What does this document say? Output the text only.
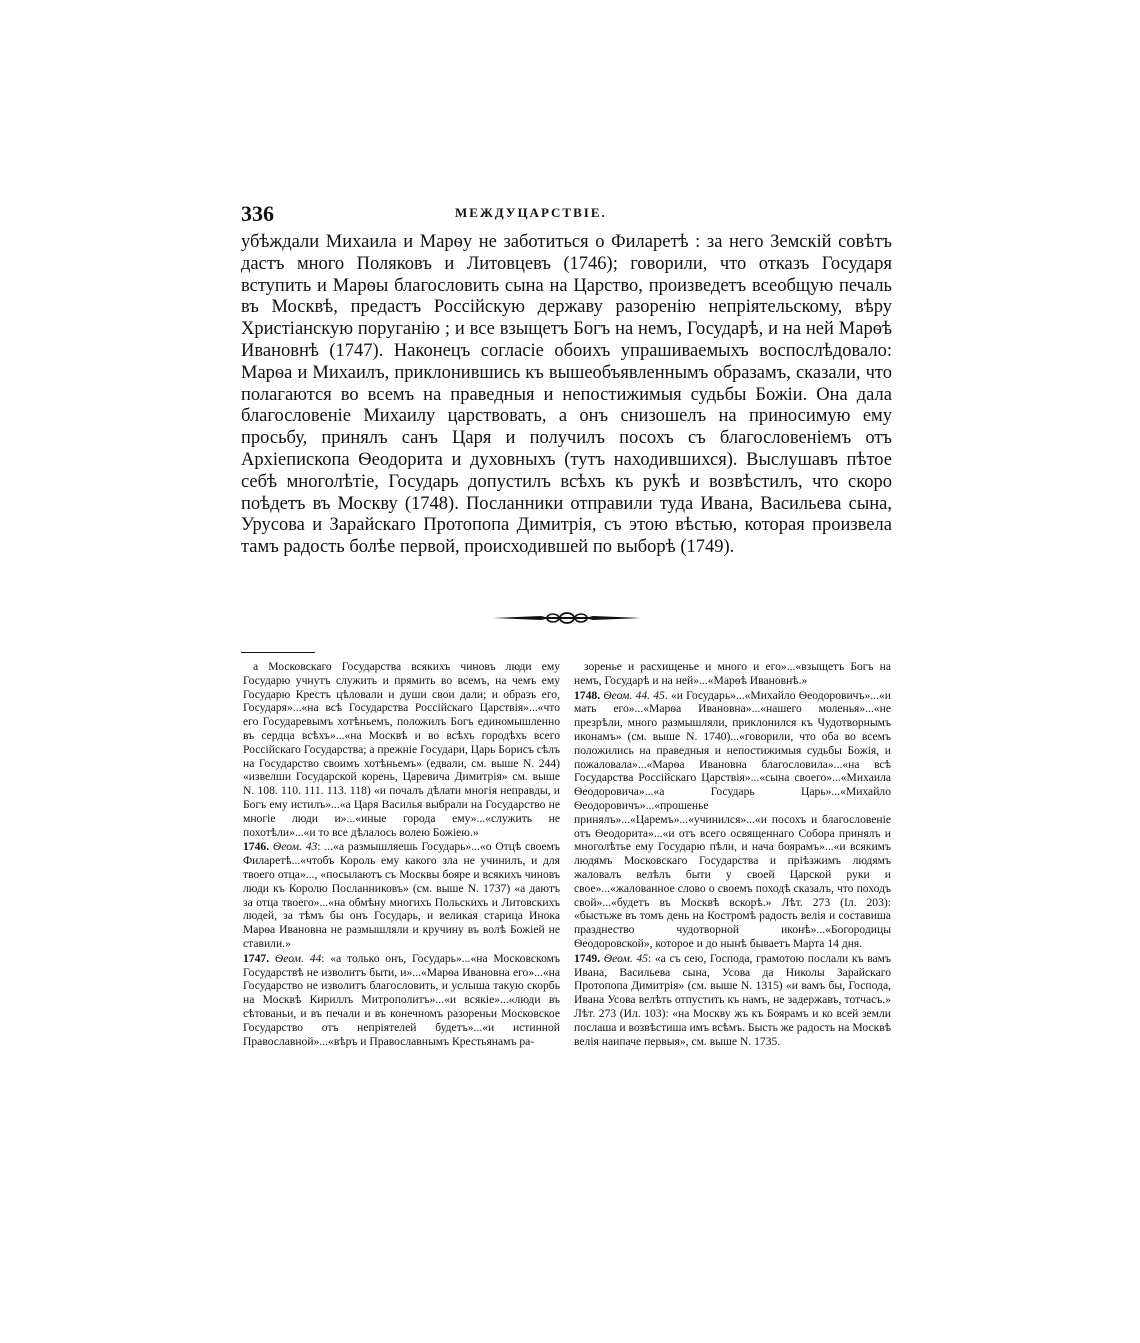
336	МЕЖДУЦАРСТВІЕ.

убѣждали Михаила и Марѳу не заботиться о Филаретѣ : за него Земскій совѣтъ дастъ много Поляковъ и Литовцевъ (1746); говорили, что отказъ Государя вступить и Марѳы благословить сына на Царство, произведетъ всеобщую печаль въ Москвѣ, предастъ Россійскую державу разоренію непріятельскому, вѣру Христіанскую поруганію ; и все взыщетъ Богъ на немъ, Государѣ, и на ней Марѳѣ Ивановнѣ (1747). Наконецъ согласіе обоихъ упрашиваемыхъ воспослѣдовало: Марѳа и Михаилъ, приклонившись къ вышеобъявленнымъ образамъ, сказали, что полагаются во всемъ на праведныя и непостижимыя судьбы Божіи. Она дала благословеніе Михаилу царствовать, а онъ снизошелъ на приносимую ему просьбу, принялъ санъ Царя и получилъ посохъ съ благословеніемъ отъ Архіепископа Ѳеодорита и духовныхъ (тутъ находившихся). Выслушавъ пѣтое себѣ многолѣтіе, Государь допустилъ всѣхъ къ рукѣ и возвѣстилъ, что скоро поѣдетъ въ Москву (1748). Посланники отправили туда Ивана, Васильева сына, Урусова и Зарайскаго Протопопа Димитрія, съ этою вѣстью, которая произвела тамъ радость болѣе первой, происходившей по выборѣ (1749).

а Московскаго Государства всякихъ чиновъ люди ему Государю учнутъ служить и прямить во всемъ, на чемъ ему Государю Крестъ цѣловали и души свои дали; и образъ его, Государя»...«на всѣ Государства Россійскаго Царствія»...«что его Государевымъ хотѣньемъ, положилъ Богъ единомышленно въ сердца всѣхъ»...«на Москвѣ и во всѣхъ городѣхъ всего Россійскаго Государства; а прежніе Государи, Царь Борисъ сѣлъ на Государство своимъ хотѣньемъ» (едвали, см. выше N. 244) «извелши Государской корень, Царевича Димитрія» см. выше N. 108. 110. 111. 113. 118) «и почалъ дѣлати многія неправды, и Богъ ему истилъ»...«а Царя Василья выбрали на Государство не многіе люди и»...«иные города ему»...«служить не похотѣли»...«и то все дѣлалось волею Божіею.»

1746. Ѳеом. 43: ...«а размышляешь Государь»...«о Отцѣ своемъ Филаретѣ...«чтобъ Король ему какого зла не учинилъ, и для твоего отца»..., «посылаютъ съ Москвы бояре и всякихъ чиновъ люди къ Королю Посланниковъ» (см. выше N. 1737) «а даютъ за отца твоего»...«на обмѣну многихъ Польскихъ и Литовскихъ людей, за тѣмъ бы онъ Государь, и великая старица Инока Марѳа Ивановна не размышляли и кручину въ волѣ Божіей не ставили.»

1747. Ѳеом. 44: «а только онъ, Государь»...«на Московскомъ Государствѣ не изволитъ быти, и»...«Марѳа Ивановна его»...«на Государство не изволитъ благословить, и услыша такую скорбь на Москвѣ Кириллъ Митрополитъ»...«и всякіе»...«люди въ сѣтованьи, и въ печали и въ конечномъ разореньи Московское Государство отъ непріятелей будетъ»...«и истинной Православной»...«вѣръ и Православнымъ Крестьянамъ ра-

зоренье и расхищенье и много и его»...«взыщетъ Богъ на немъ, Государѣ и на ней»...«Марѳѣ Ивановнѣ.»

1748. Ѳеом. 44. 45. «и Государь»...«Михайло Ѳеодоровичъ»...«и мать его»...«Марѳа Ивановна»...«нашего моленья»...«не презрѣли, много размышляли, приклонился къ Чудотворнымъ иконамъ» (см. выше N. 1740)...«говорили, что оба во всемъ положились на праведныя и непостижимыя судьбы Божія, и пожаловала»...«Марѳа Ивановна благословила»...«на всѣ Государства Россійскаго Царствія»...«сына своего»...«Михаила Ѳеодоровича»...«а Государь Царь»...«Михайло Ѳеодоровичъ»...«прошенье принялъ»...«Царемъ»...«учинился»...«и посохъ и благословеніе отъ Ѳеодорита»...«и отъ всего освященнаго Собора принялъ и многолѣтье ему Государю пѣли, и нача боярамъ»...«и всякимъ людямъ Московскаго Государства и пріѣзжимъ людямъ жаловалъ велѣлъ быти у своей Царской руки и свое»...«жалованное слово о своемъ походѣ сказалъ, что походъ свой»...«будетъ въ Москвѣ вскорѣ.» Лѣт. 273 (Іл. 203): «быстьже въ томъ день на Костромѣ радость велія и составиша празднество чудотворной иконѣ»...«Богородицы Ѳеодоровской», которое и до нынѣ бываетъ Марта 14 дня.

1749. Ѳеом. 45: «а съ сею, Господа, грамотою послали къ вамъ Ивана, Васильева сына, Усова да Николы Зарайскаго Протопопа Димитрія» (см. выше N. 1315) «и вамъ бы, Господа, Ивана Усова велѣть отпустить къ намъ, не задержавъ, тотчасъ.» Лѣт. 273 (Ил. 103): «на Москву жъ къ Боярамъ и ко всей земли послаша и возвѣстиша имъ всѣмъ. Бысть же радость на Москвѣ велія наипаче первыя», см. выше N. 1735.
